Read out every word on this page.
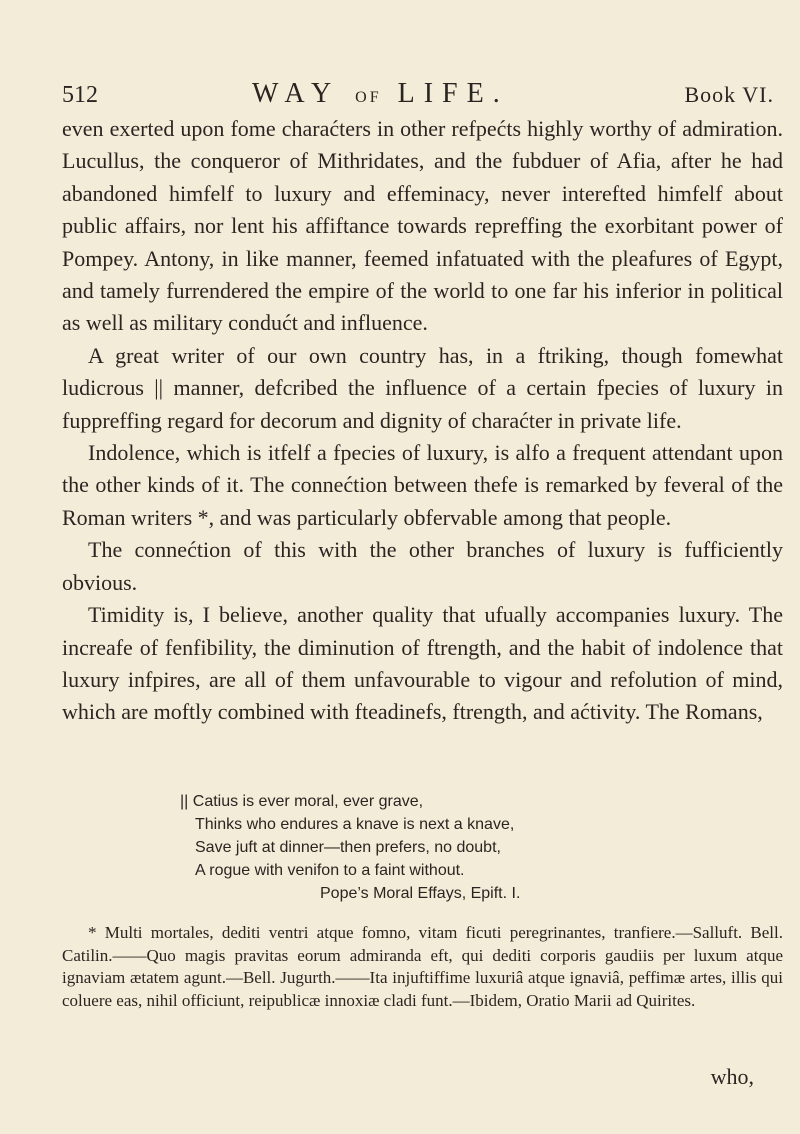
512	WAY OF LIFE.	Book VI.

even exerted upon fome charaćters in other refpećts highly worthy of admiration. Lucullus, the conqueror of Mithridates, and the fubduer of Afia, after he had abandoned himfelf to luxury and effeminacy, never interefted himfelf about public affairs, nor lent his affiftance towards repreffing the exorbitant power of Pompey. Antony, in like manner, feemed infatuated with the pleafures of Egypt, and tamely furrendered the empire of the world to one far his inferior in political as well as military condućt and influence.

A great writer of our own country has, in a ftriking, though fomewhat ludicrous || manner, defcribed the influence of a certain fpecies of luxury in fuppreffing regard for decorum and dignity of charaćter in private life.

Indolence, which is itfelf a fpecies of luxury, is alfo a frequent attendant upon the other kinds of it. The connećtion between thefe is remarked by feveral of the Roman writers *, and was particularly obfervable among that people.

The connećtion of this with the other branches of luxury is fufficiently obvious.

Timidity is, I believe, another quality that ufually accompanies luxury. The increafe of fenfibility, the diminution of ftrength, and the habit of indolence that luxury infpires, are all of them unfavourable to vigour and refolution of mind, which are moftly combined with fteadinefs, ftrength, and aćtivity. The Romans,

|| Catius is ever moral, ever grave,
Thinks who endures a knave is next a knave,
Save juft at dinner—then prefers, no doubt,
A rogue with venifon to a faint without.
Pope’s Moral Effays, Epift. I.

* Multi mortales, dediti ventri atque fomno, vitam ficuti peregrinantes, tranfiere.—Salluft. Bell. Catilin.——Quo magis pravitas eorum admiranda eft, qui dediti corporis gaudiis per luxum atque ignaviam ætatem agunt.—Bell. Jugurth.——Ita injuftiffime luxuriâ atque ignaviâ, peffimæ artes, illis qui coluere eas, nihil officiunt, reipublicæ innoxiæ cladi funt.—Ibidem, Oratio Marii ad Quirites.

who,
